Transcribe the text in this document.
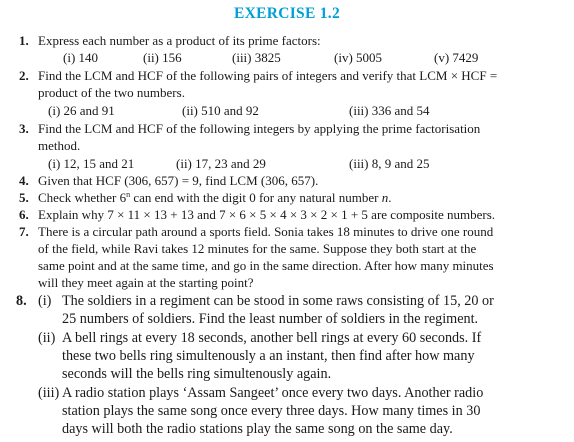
EXERCISE 1.2
1. Express each number as a product of its prime factors:
(i) 140	(ii) 156	(iii) 3825	(iv) 5005	(v) 7429
2. Find the LCM and HCF of the following pairs of integers and verify that LCM × HCF =
product of the two numbers.
(i) 26 and 91	(ii) 510 and 92	(iii) 336 and 54
3. Find the LCM and HCF of the following integers by applying the prime factorisation
method.
(i) 12, 15 and 21	(ii) 17, 23 and 29	(iii) 8, 9 and 25
4. Given that HCF (306, 657) = 9, find LCM (306, 657).
5. Check whether 6$^n$ can end with the digit 0 for any natural number n.
6. Explain why 7 × 11 × 13 + 13 and 7 × 6 × 5 × 4 × 3 × 2 × 1 + 5 are composite numbers.
7. There is a circular path around a sports field. Sonia takes 18 minutes to drive one round
of the field, while Ravi takes 12 minutes for the same. Suppose they both start at the
same point and at the same time, and go in the same direction. After how many minutes
will they meet again at the starting point?
8. (i) The soldiers in a regiment can be stood in some raws consisting of 15, 20 or
25 numbers of soldiers. Find the least number of soldiers in the regiment.
(ii) A bell rings at every 18 seconds, another bell rings at every 60 seconds. If
these two bells ring simultenously a an instant, then find after how many
seconds will the bells ring simultenously again.
(iii) A radio station plays ‘Assam Sangeet’ once every two days. Another radio
station plays the same song once every three days. How many times in 30
days will both the radio stations play the same song on the same day.
